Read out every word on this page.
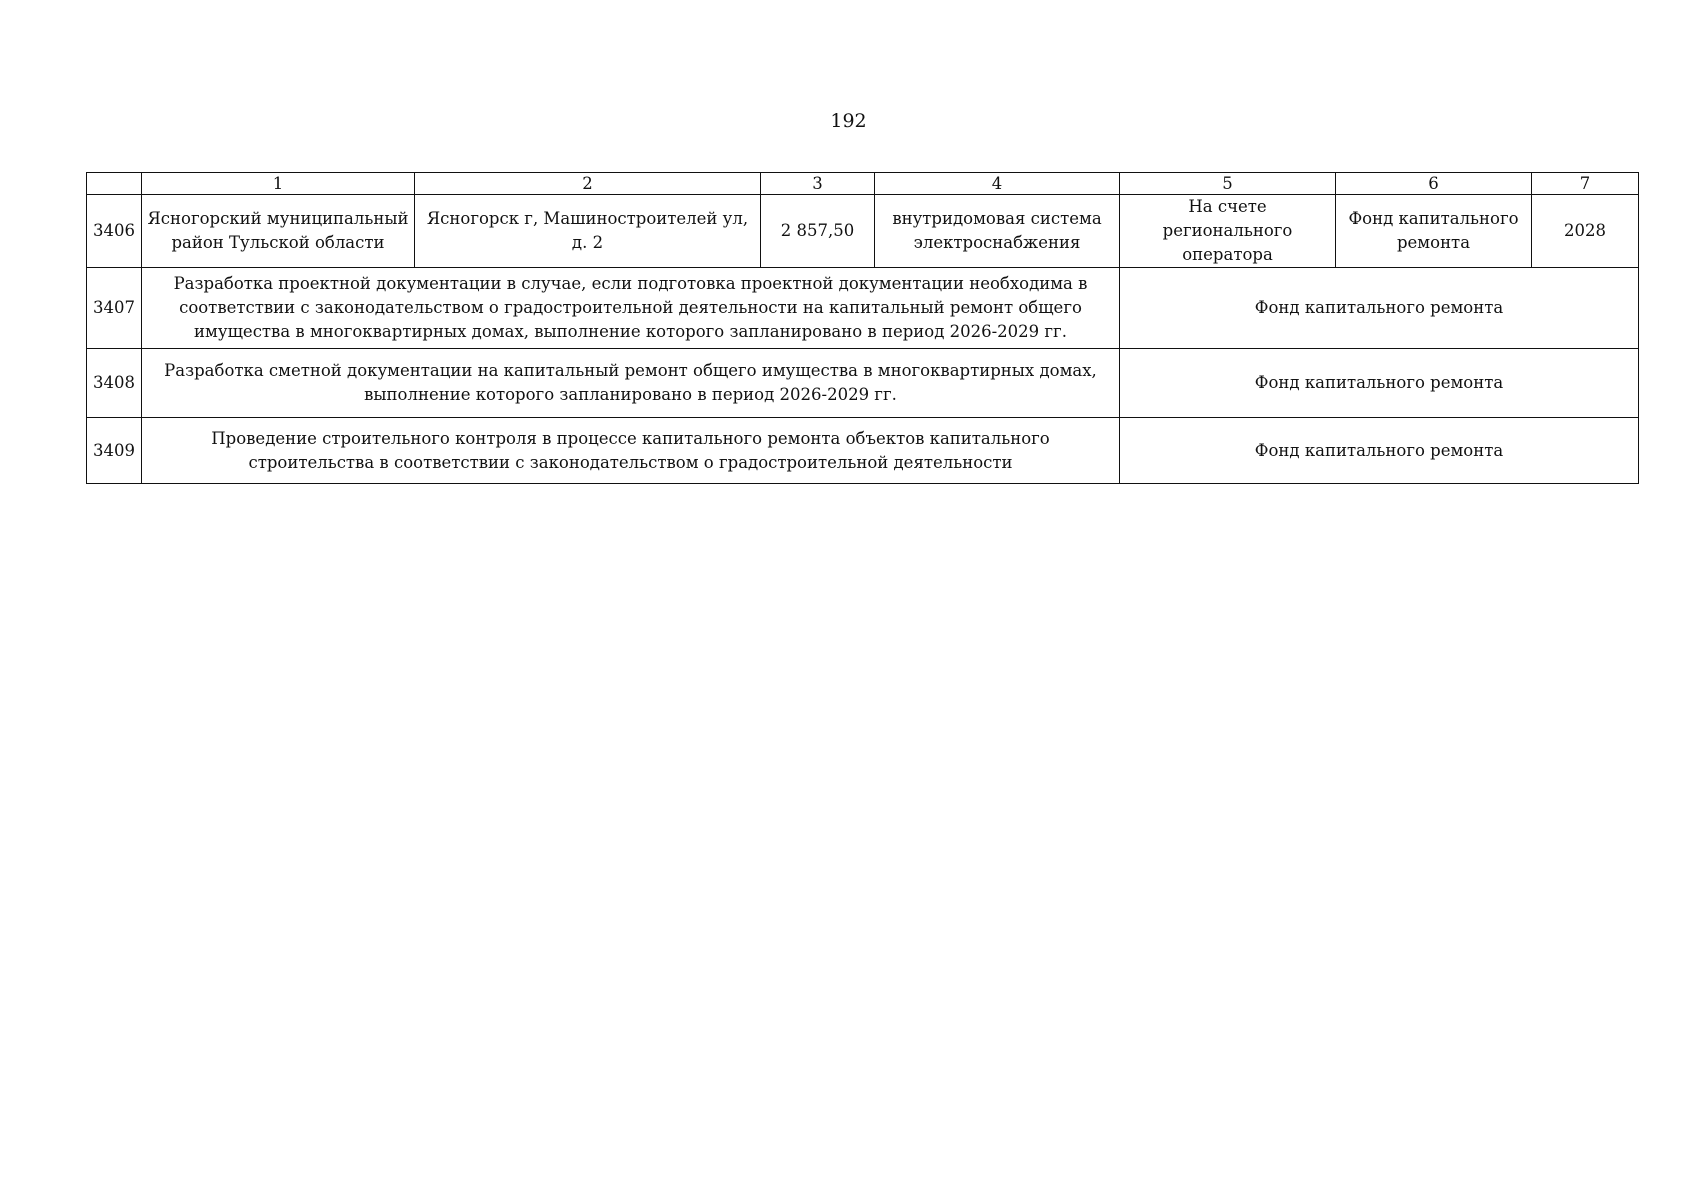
192
	1	2	3	4	5	6	7
3406	Ясногорский муниципальный район Тульской области	Ясногорск г, Машиностроителей ул, д. 2	2 857,50	внутридомовая система электроснабжения	На счете регионального оператора	Фонд капитального ремонта	2028
3407	Разработка проектной документации в случае, если подготовка проектной документации необходима в соответствии с законодательством о градостроительной деятельности на капитальный ремонт общего имущества в многоквартирных домах, выполнение которого запланировано в период 2026-2029 гг.				Фонд капитального ремонта		
3408	Разработка сметной документации на капитальный ремонт общего имущества в многоквартирных домах, выполнение которого запланировано в период 2026-2029 гг.				Фонд капитального ремонта		
3409	Проведение строительного контроля в процессе капитального ремонта объектов капитального строительства в соответствии с законодательством о градостроительной деятельности				Фонд капитального ремонта		
